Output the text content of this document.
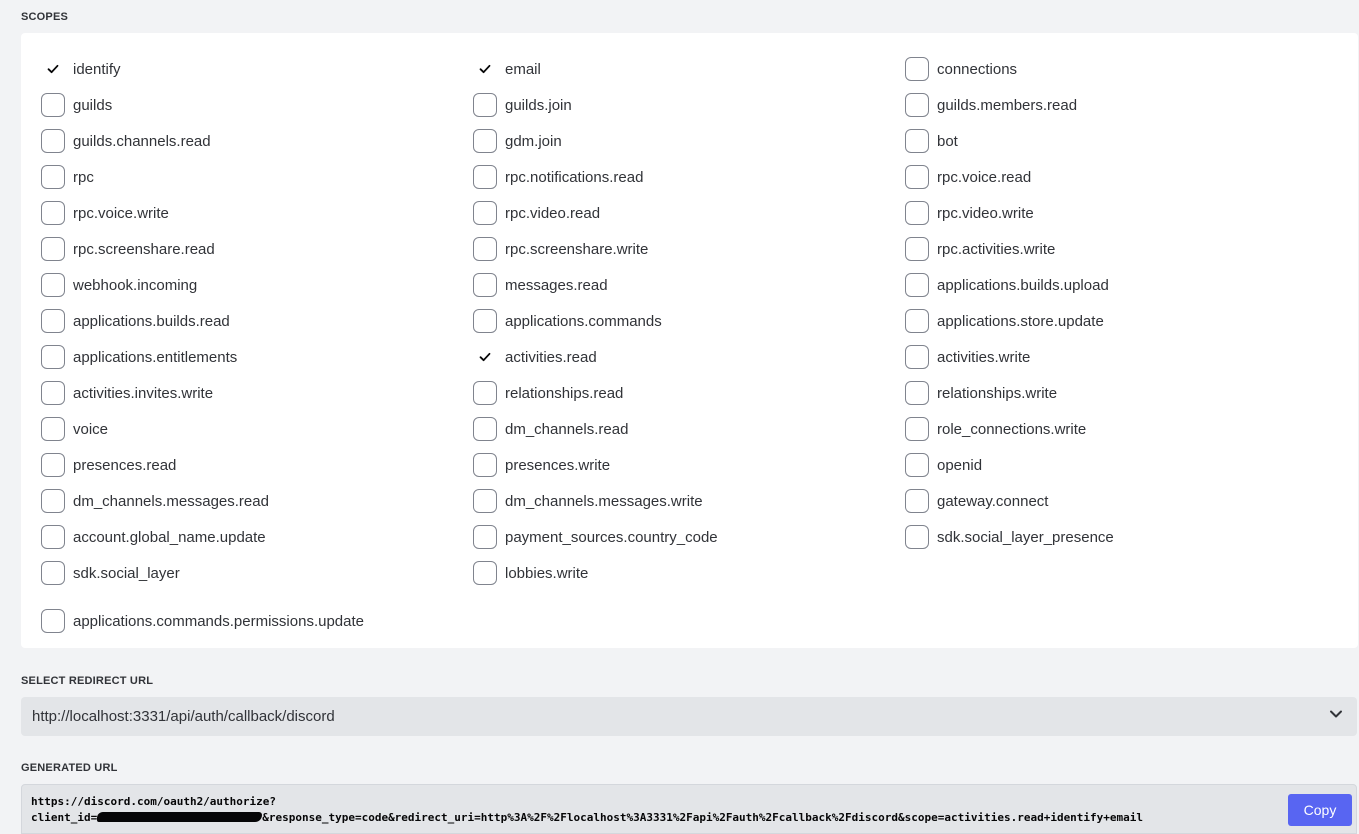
SCOPES
identify	email	connections
guilds	guilds.join	guilds.members.read
guilds.channels.read	gdm.join	bot
rpc	rpc.notifications.read	rpc.voice.read
rpc.voice.write	rpc.video.read	rpc.video.write
rpc.screenshare.read	rpc.screenshare.write	rpc.activities.write
webhook.incoming	messages.read	applications.builds.upload
applications.builds.read	applications.commands	applications.store.update
applications.entitlements	activities.read	activities.write
activities.invites.write	relationships.read	relationships.write
voice	dm_channels.read	role_connections.write
presences.read	presences.write	openid
dm_channels.messages.read	dm_channels.messages.write	gateway.connect
account.global_name.update	payment_sources.country_code	sdk.social_layer_presence
sdk.social_layer	lobbies.write
applications.commands.permissions.update
SELECT REDIRECT URL
http://localhost:3331/api/auth/callback/discord
GENERATED URL
https://discord.com/oauth2/authorize?
client_id=	&response_type=code&redirect_uri=http%3A%2F%2Flocalhost%3A3331%2Fapi%2Fauth%2Fcallback%2Fdiscord&scope=activities.read+identify+email	Copy
